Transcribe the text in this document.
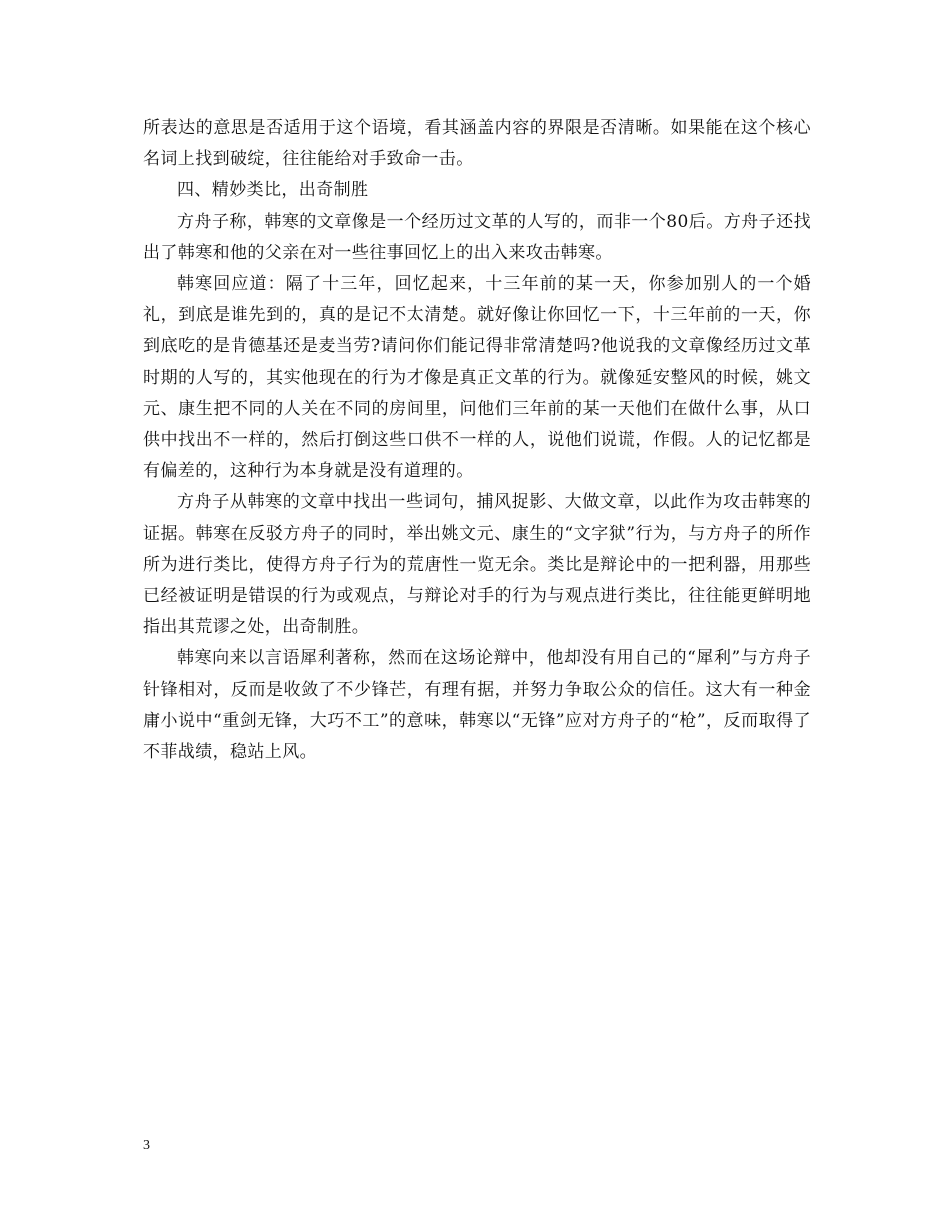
所表达的意思是否适用于这个语境，看其涵盖内容的界限是否清晰。如果能在这个核心名词上找到破绽，往往能给对手致命一击。

四、精妙类比，出奇制胜

方舟子称，韩寒的文章像是一个经历过文革的人写的，而非一个80后。方舟子还找出了韩寒和他的父亲在对一些往事回忆上的出入来攻击韩寒。

韩寒回应道：隔了十三年，回忆起来，十三年前的某一天，你参加别人的一个婚礼，到底是谁先到的，真的是记不太清楚。就好像让你回忆一下，十三年前的一天，你到底吃的是肯德基还是麦当劳?请问你们能记得非常清楚吗?他说我的文章像经历过文革时期的人写的，其实他现在的行为才像是真正文革的行为。就像延安整风的时候，姚文元、康生把不同的人关在不同的房间里，问他们三年前的某一天他们在做什么事，从口供中找出不一样的，然后打倒这些口供不一样的人，说他们说谎，作假。人的记忆都是有偏差的，这种行为本身就是没有道理的。

方舟子从韩寒的文章中找出一些词句，捕风捉影、大做文章，以此作为攻击韩寒的证据。韩寒在反驳方舟子的同时，举出姚文元、康生的“文字狱”行为，与方舟子的所作所为进行类比，使得方舟子行为的荒唐性一览无余。类比是辩论中的一把利器，用那些已经被证明是错误的行为或观点，与辩论对手的行为与观点进行类比，往往能更鲜明地指出其荒谬之处，出奇制胜。

韩寒向来以言语犀利著称，然而在这场论辩中，他却没有用自己的“犀利”与方舟子针锋相对，反而是收敛了不少锋芒，有理有据，并努力争取公众的信任。这大有一种金庸小说中“重剑无锋，大巧不工”的意味，韩寒以“无锋”应对方舟子的“枪”，反而取得了不菲战绩，稳站上风。

3
